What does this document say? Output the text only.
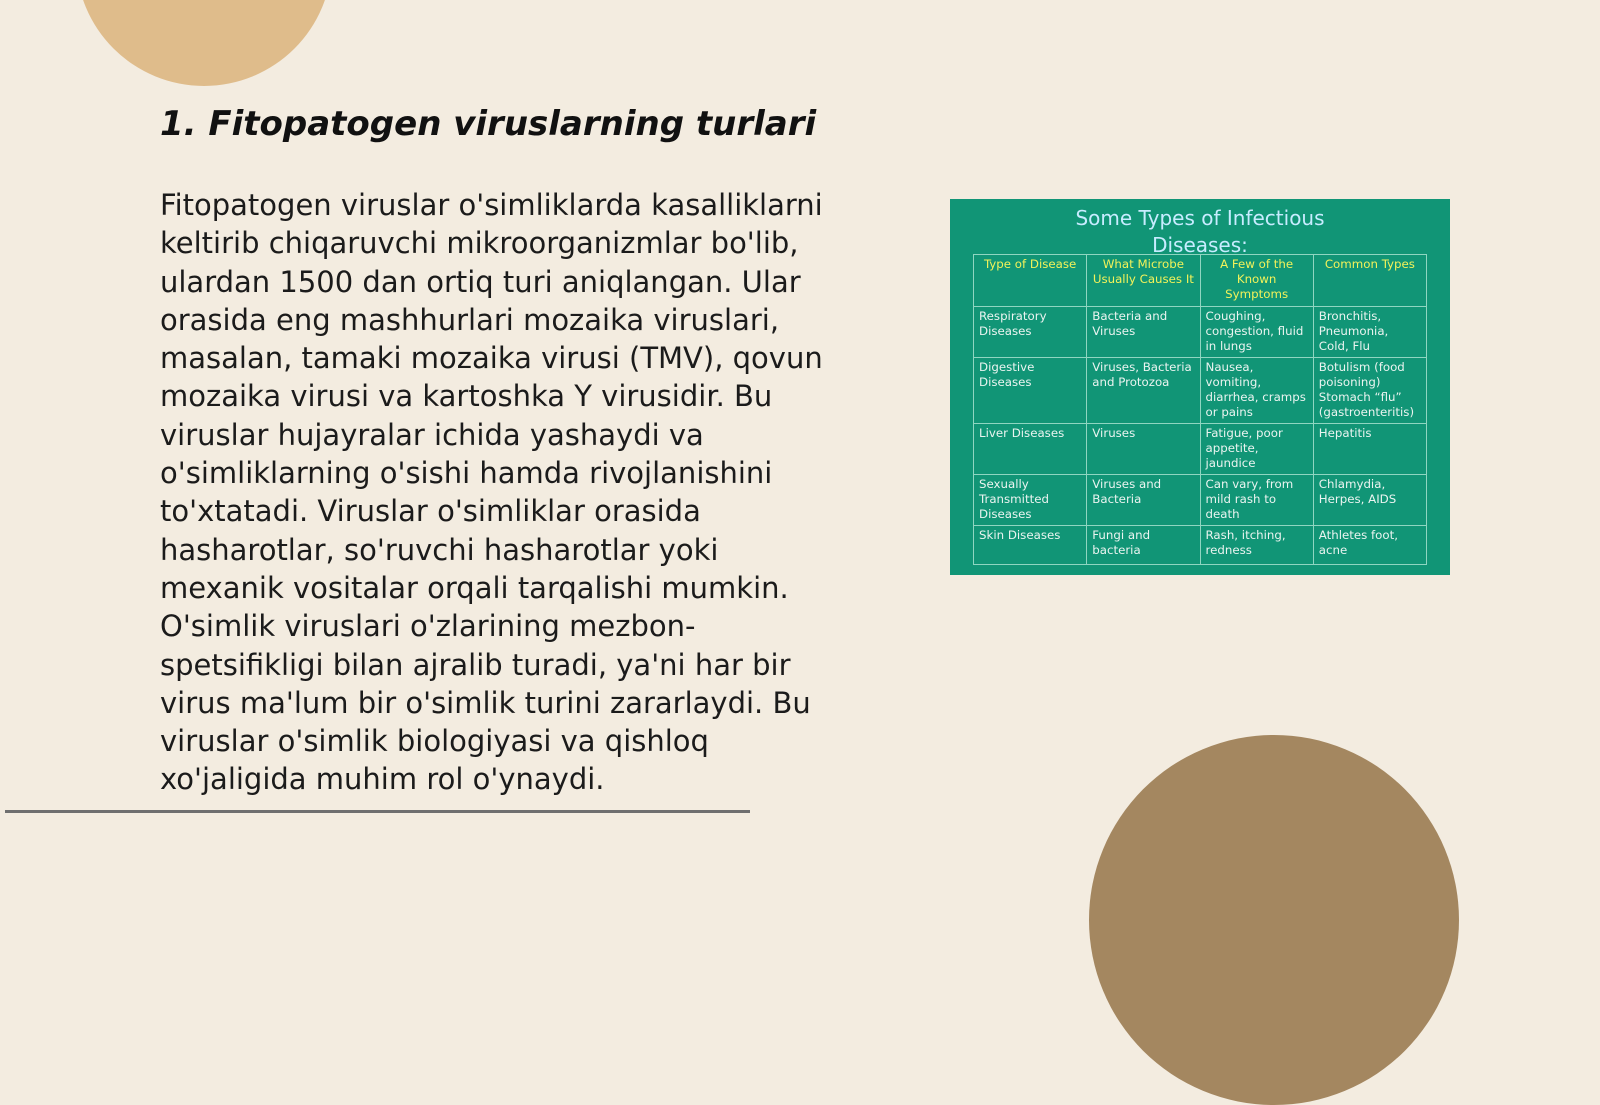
1. Fitopatogen viruslarning turlari

Fitopatogen viruslar o'simliklarda kasalliklarni keltirib chiqaruvchi mikroorganizmlar bo'lib, ulardan 1500 dan ortiq turi aniqlangan. Ular orasida eng mashhurlari mozaika viruslari, masalan, tamaki mozaika virusi (TMV), qovun mozaika virusi va kartoshka Y virusidir. Bu viruslar hujayralar ichida yashaydi va o'simliklarning o'sishi hamda rivojlanishini to'xtatadi. Viruslar o'simliklar orasida hasharotlar, so'ruvchi hasharotlar yoki mexanik vositalar orqali tarqalishi mumkin. O'simlik viruslari o'zlarining mezbon-spetsifikligi bilan ajralib turadi, ya'ni har bir virus ma'lum bir o'simlik turini zararlaydi. Bu viruslar o'simlik biologiyasi va qishloq xo'jaligida muhim rol o'ynaydi.

Some Types of Infectious Diseases:
Type of Disease	What Microbe Usually Causes It	A Few of the Known Symptoms	Common Types
Respiratory Diseases	Bacteria and Viruses	Coughing, congestion, fluid in lungs	Bronchitis, Pneumonia, Cold, Flu
Digestive Diseases	Viruses, Bacteria and Protozoa	Nausea, vomiting, diarrhea, cramps or pains	Botulism (food poisoning) Stomach “flu” (gastroenteritis)
Liver Diseases	Viruses	Fatigue, poor appetite, jaundice	Hepatitis
Sexually Transmitted Diseases	Viruses and Bacteria	Can vary, from mild rash to death	Chlamydia, Herpes, AIDS
Skin Diseases	Fungi and bacteria	Rash, itching, redness	Athletes foot, acne
